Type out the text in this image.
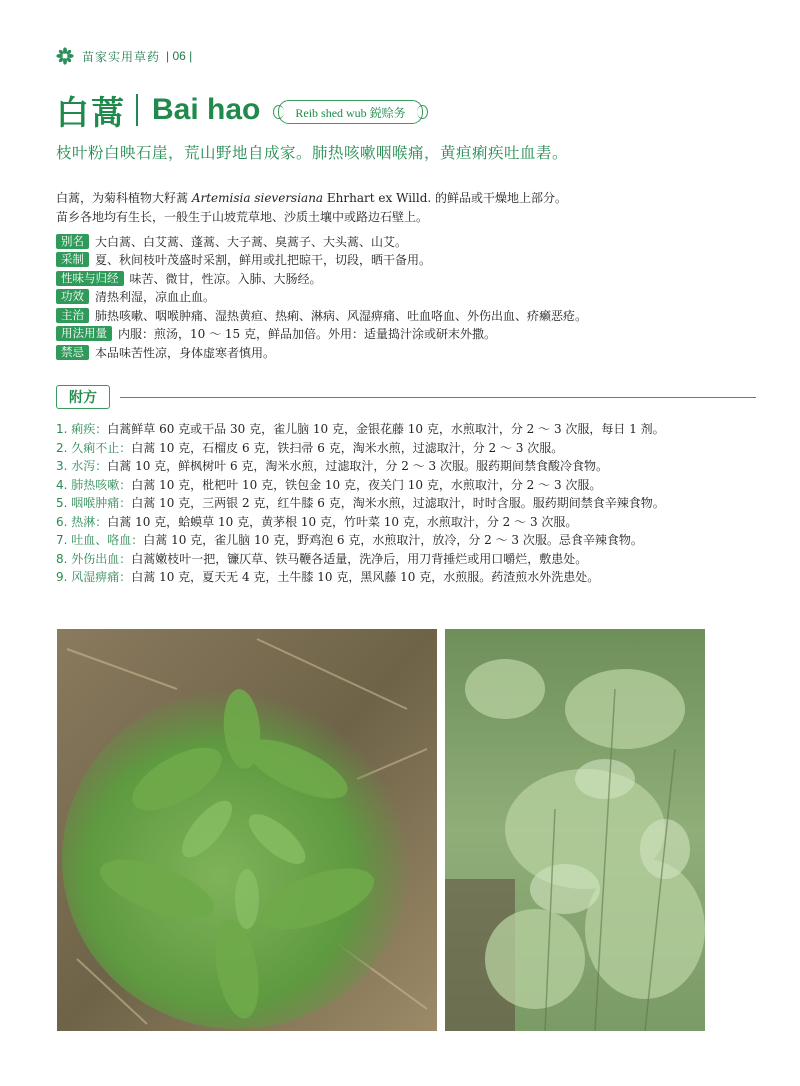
苗家实用草药 | 06 |
白蒿 Bai hao	Reib shed wub 鋭赊务
枝叶粉白映石崖，荒山野地自成家。肺热咳嗽咽喉痛，黄疸痢疾吐血砉。
白蒿，为菊科植物大籽蒿 Artemisia sieversiana Ehrhart ex Willd. 的鲜品或干燥地上部分。
苗乡各地均有生长，一般生于山坡荒草地、沙质土壤中或路边石壁上。
别名 大白蒿、白艾蒿、蓬蒿、大子蒿、臭蒿子、大头蒿、山艾。
采制 夏、秋间枝叶茂盛时采割，鲜用或扎把晾干，切段，晒干备用。
性味与归经 味苦、微甘，性凉。入肺、大肠经。
功效 清热利湿，凉血止血。
主治 肺热咳嗽、咽喉肿痛、湿热黄疸、热痢、淋病、风湿痹痛、吐血咯血、外伤出血、疥癞恶疮。
用法用量 内服：煎汤，10 ～ 15 克，鲜品加倍。外用：适量捣汁涂或研末外撒。
禁忌 本品味苦性凉，身体虚寒者慎用。
附方
1. 痢疾：白蒿鲜草 60 克或干品 30 克，雀儿脑 10 克，金银花藤 10 克，水煎取汁，分 2 ～ 3 次服，每日 1 剂。
2. 久痢不止：白蒿 10 克，石榴皮 6 克，铁扫帚 6 克，淘米水煎，过滤取汁，分 2 ～ 3 次服。
3. 水泻：白蒿 10 克，鲜枫树叶 6 克，淘米水煎，过滤取汁，分 2 ～ 3 次服。服药期间禁食酸冷食物。
4. 肺热咳嗽：白蒿 10 克，枇杷叶 10 克，铁包金 10 克，夜关门 10 克，水煎取汁，分 2 ～ 3 次服。
5. 咽喉肿痛：白蒿 10 克，三两银 2 克，红牛膝 6 克，淘米水煎，过滤取汁，时时含服。服药期间禁食辛辣食物。
6. 热淋：白蒿 10 克，蛤蟆草 10 克，黄茅根 10 克，竹叶菜 10 克，水煎取汁，分 2 ～ 3 次服。
7. 吐血、咯血：白蒿 10 克，雀儿脑 10 克，野鸡泡 6 克，水煎取汁，放冷，分 2 ～ 3 次服。忌食辛辣食物。
8. 外伤出血：白蒿嫩枝叶一把，镰仄草、铁马鞭各适量，洗净后，用刀背捶烂或用口嚼烂，敷患处。
9. 风湿痹痛：白蒿 10 克，夏天无 4 克，土牛膝 10 克，黑风藤 10 克，水煎服。药渣煎水外洗患处。
